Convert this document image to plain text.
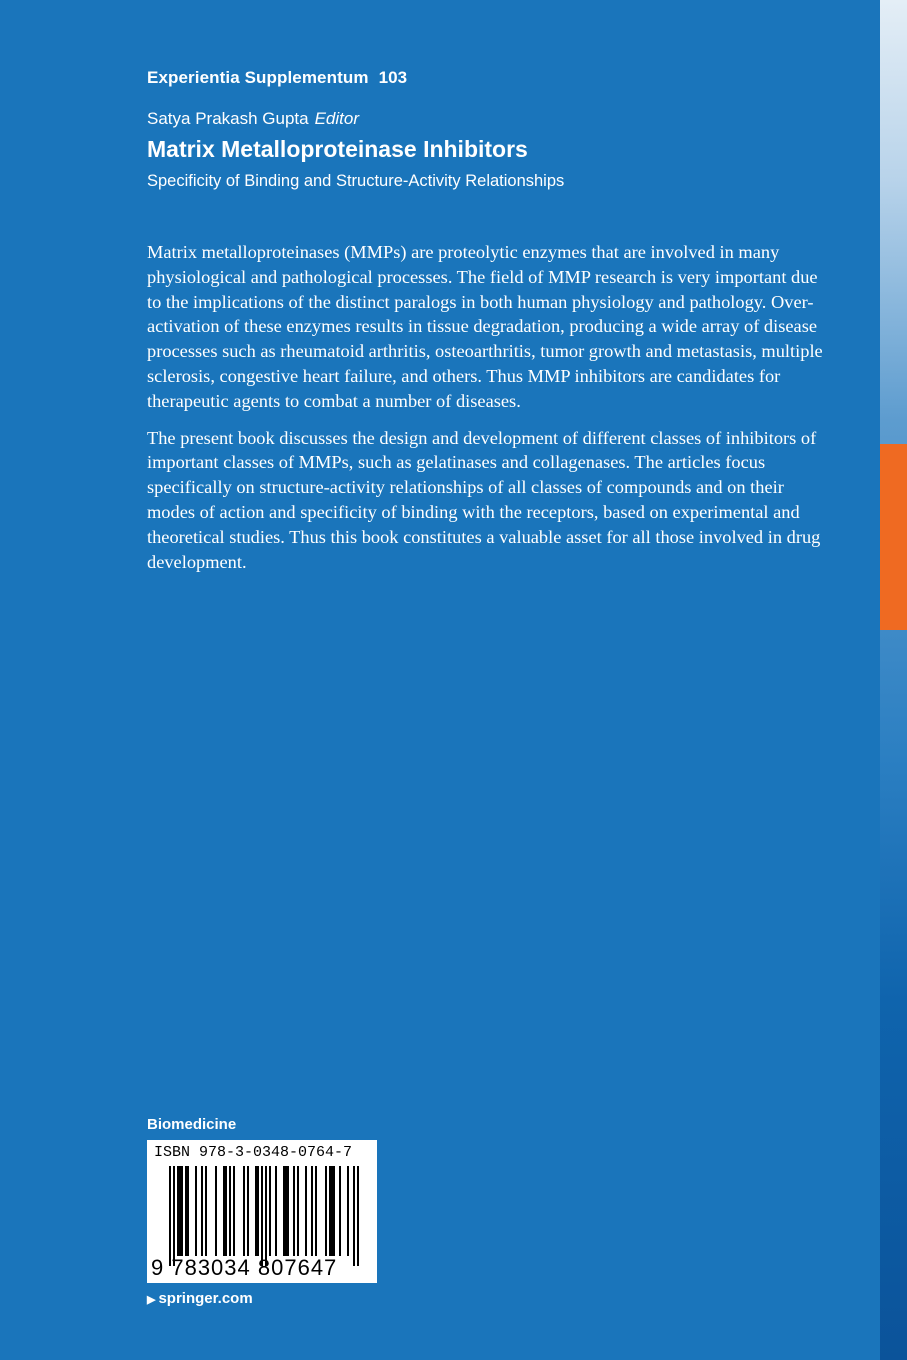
Experientia Supplementum 103
Satya Prakash Gupta Editor
Matrix Metalloproteinase Inhibitors
Specificity of Binding and Structure-Activity Relationships

Matrix metalloproteinases (MMPs) are proteolytic enzymes that are involved in many physiological and pathological processes. The field of MMP research is very important due to the implications of the distinct paralogs in both human physiology and pathology. Over-activation of these enzymes results in tissue degradation, producing a wide array of disease processes such as rheumatoid arthritis, osteoarthritis, tumor growth and metastasis, multiple sclerosis, congestive heart failure, and others. Thus MMP inhibitors are candidates for therapeutic agents to combat a number of diseases.

The present book discusses the design and development of different classes of inhibitors of important classes of MMPs, such as gelatinases and collagenases. The articles focus specifically on structure-activity relationships of all classes of compounds and on their modes of action and specificity of binding with the receptors, based on experimental and theoretical studies. Thus this book constitutes a valuable asset for all those involved in drug development.

Biomedicine
ISBN 978-3-0348-0764-7
9 783034 807647
▶ springer.com
